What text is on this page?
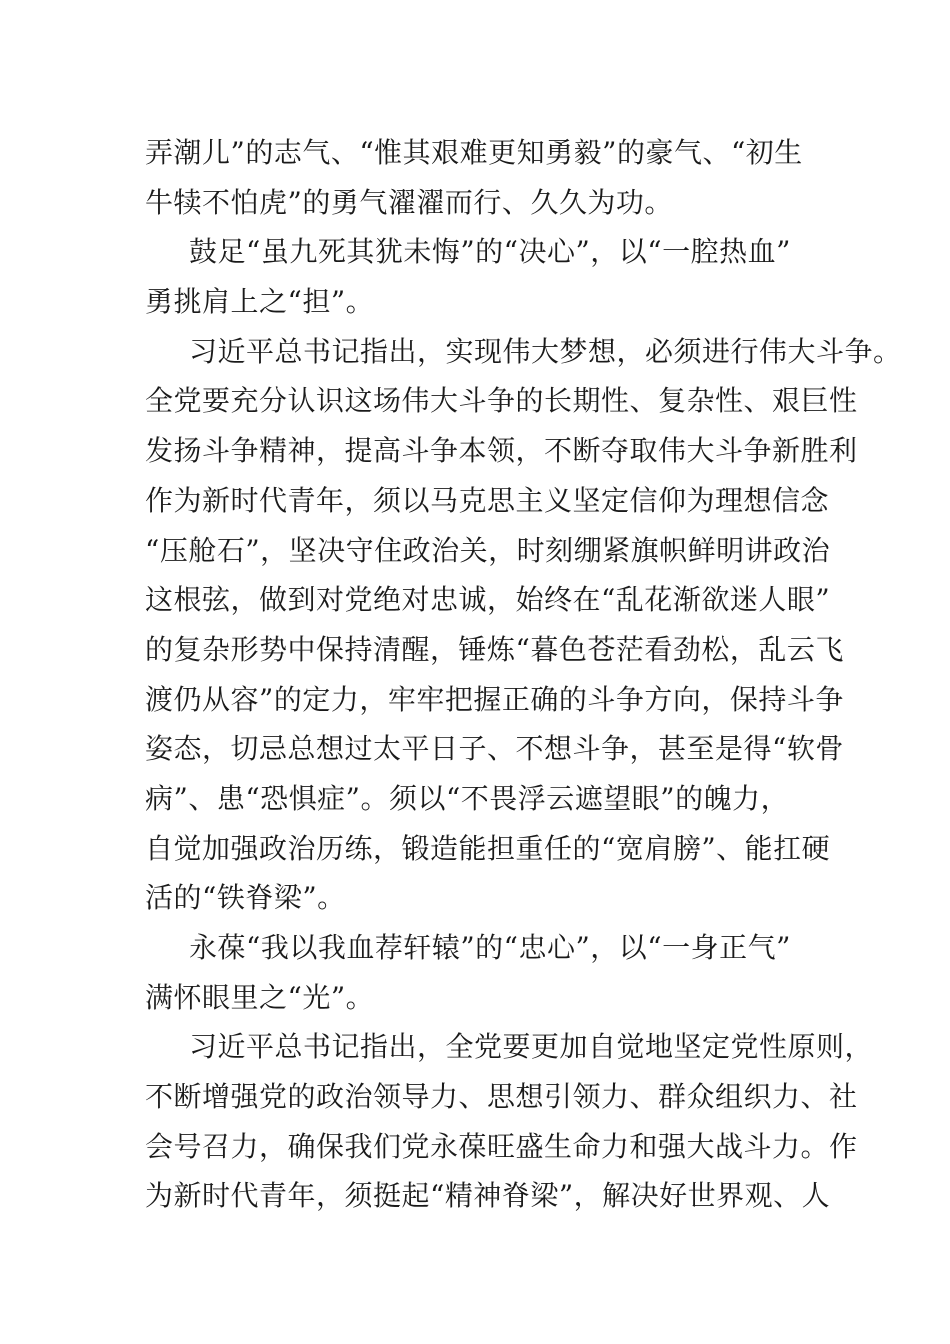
弄潮儿”的志气、“惟其艰难更知勇毅”的豪气、“初生
牛犊不怕虎”的勇气濯濯而行、久久为功。
鼓足“虽九死其犹未悔”的“决心”，以“一腔热血”
勇挑肩上之“担”。
习近平总书记指出，实现伟大梦想，必须进行伟大斗争。
全党要充分认识这场伟大斗争的长期性、复杂性、艰巨性
发扬斗争精神，提高斗争本领，不断夺取伟大斗争新胜利
作为新时代青年，须以马克思主义坚定信仰为理想信念
“压舱石”，坚决守住政治关，时刻绷紧旗帜鲜明讲政治
这根弦，做到对党绝对忠诚，始终在“乱花渐欲迷人眼”
的复杂形势中保持清醒，锤炼“暮色苍茫看劲松，乱云飞
渡仍从容”的定力，牢牢把握正确的斗争方向，保持斗争
姿态，切忌总想过太平日子、不想斗争，甚至是得“软骨
病”、患“恐惧症”。须以“不畏浮云遮望眼”的魄力，
自觉加强政治历练，锻造能担重任的“宽肩膀”、能扛硬
活的“铁脊梁”。
永葆“我以我血荐轩辕”的“忠心”，以“一身正气”
满怀眼里之“光”。
习近平总书记指出，全党要更加自觉地坚定党性原则，
不断增强党的政治领导力、思想引领力、群众组织力、社
会号召力，确保我们党永葆旺盛生命力和强大战斗力。作
为新时代青年，须挺起“精神脊梁”，解决好世界观、人
